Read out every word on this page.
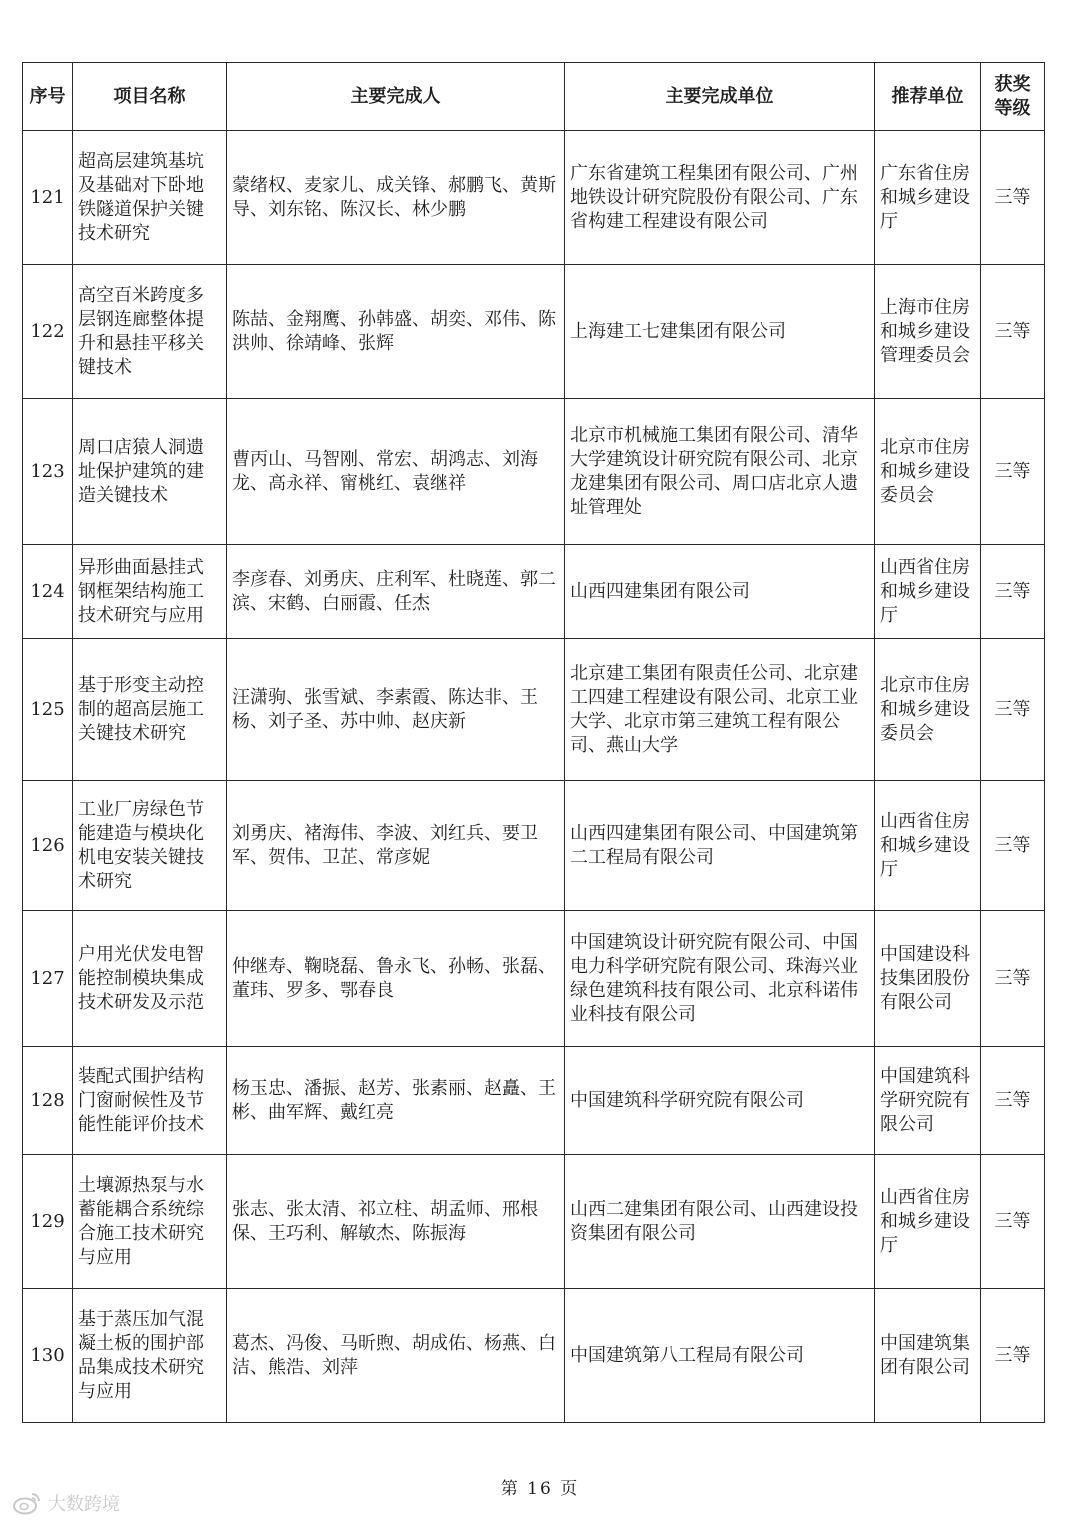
序号	项目名称	主要完成人	主要完成单位	推荐单位	获奖等级
121	超高层建筑基坑及基础对下卧地铁隧道保护关键技术研究	蒙绪权、麦家儿、成关锋、郝鹏飞、黄斯导、刘东铭、陈汉长、林少鹏	广东省建筑工程集团有限公司、广州地铁设计研究院股份有限公司、广东省构建工程建设有限公司	广东省住房和城乡建设厅	三等
122	高空百米跨度多层钢连廊整体提升和悬挂平移关键技术	陈喆、金翔鹰、孙韩盛、胡奕、邓伟、陈洪帅、徐靖峰、张辉	上海建工七建集团有限公司	上海市住房和城乡建设管理委员会	三等
123	周口店猿人洞遗址保护建筑的建造关键技术	曹丙山、马智刚、常宏、胡鸿志、刘海龙、高永祥、甯桃红、袁继祥	北京市机械施工集团有限公司、清华大学建筑设计研究院有限公司、北京龙建集团有限公司、周口店北京人遗址管理处	北京市住房和城乡建设委员会	三等
124	异形曲面悬挂式钢框架结构施工技术研究与应用	李彦春、刘勇庆、庄利军、杜晓莲、郭二滨、宋鹤、白丽霞、任杰	山西四建集团有限公司	山西省住房和城乡建设厅	三等
125	基于形变主动控制的超高层施工关键技术研究	汪潇驹、张雪斌、李素霞、陈达非、王杨、刘子圣、苏中帅、赵庆新	北京建工集团有限责任公司、北京建工四建工程建设有限公司、北京工业大学、北京市第三建筑工程有限公司、燕山大学	北京市住房和城乡建设委员会	三等
126	工业厂房绿色节能建造与模块化机电安装关键技术研究	刘勇庆、褚海伟、李波、刘红兵、要卫军、贺伟、卫芷、常彦妮	山西四建集团有限公司、中国建筑第二工程局有限公司	山西省住房和城乡建设厅	三等
127	户用光伏发电智能控制模块集成技术研发及示范	仲继寿、鞠晓磊、鲁永飞、孙畅、张磊、董玮、罗多、鄂春良	中国建筑设计研究院有限公司、中国电力科学研究院有限公司、珠海兴业绿色建筑科技有限公司、北京科诺伟业科技有限公司	中国建设科技集团股份有限公司	三等
128	装配式围护结构门窗耐候性及节能性能评价技术	杨玉忠、潘振、赵芳、张素丽、赵矗、王彬、曲军辉、戴红亮	中国建筑科学研究院有限公司	中国建筑科学研究院有限公司	三等
129	土壤源热泵与水蓄能耦合系统综合施工技术研究与应用	张志、张太清、祁立柱、胡孟师、邢根保、王巧利、解敏杰、陈振海	山西二建集团有限公司、山西建设投资集团有限公司	山西省住房和城乡建设厅	三等
130	基于蒸压加气混凝土板的围护部品集成技术研究与应用	葛杰、冯俊、马昕煦、胡成佑、杨燕、白洁、熊浩、刘萍	中国建筑第八工程局有限公司	中国建筑集团有限公司	三等
第 16 页
大数跨境
